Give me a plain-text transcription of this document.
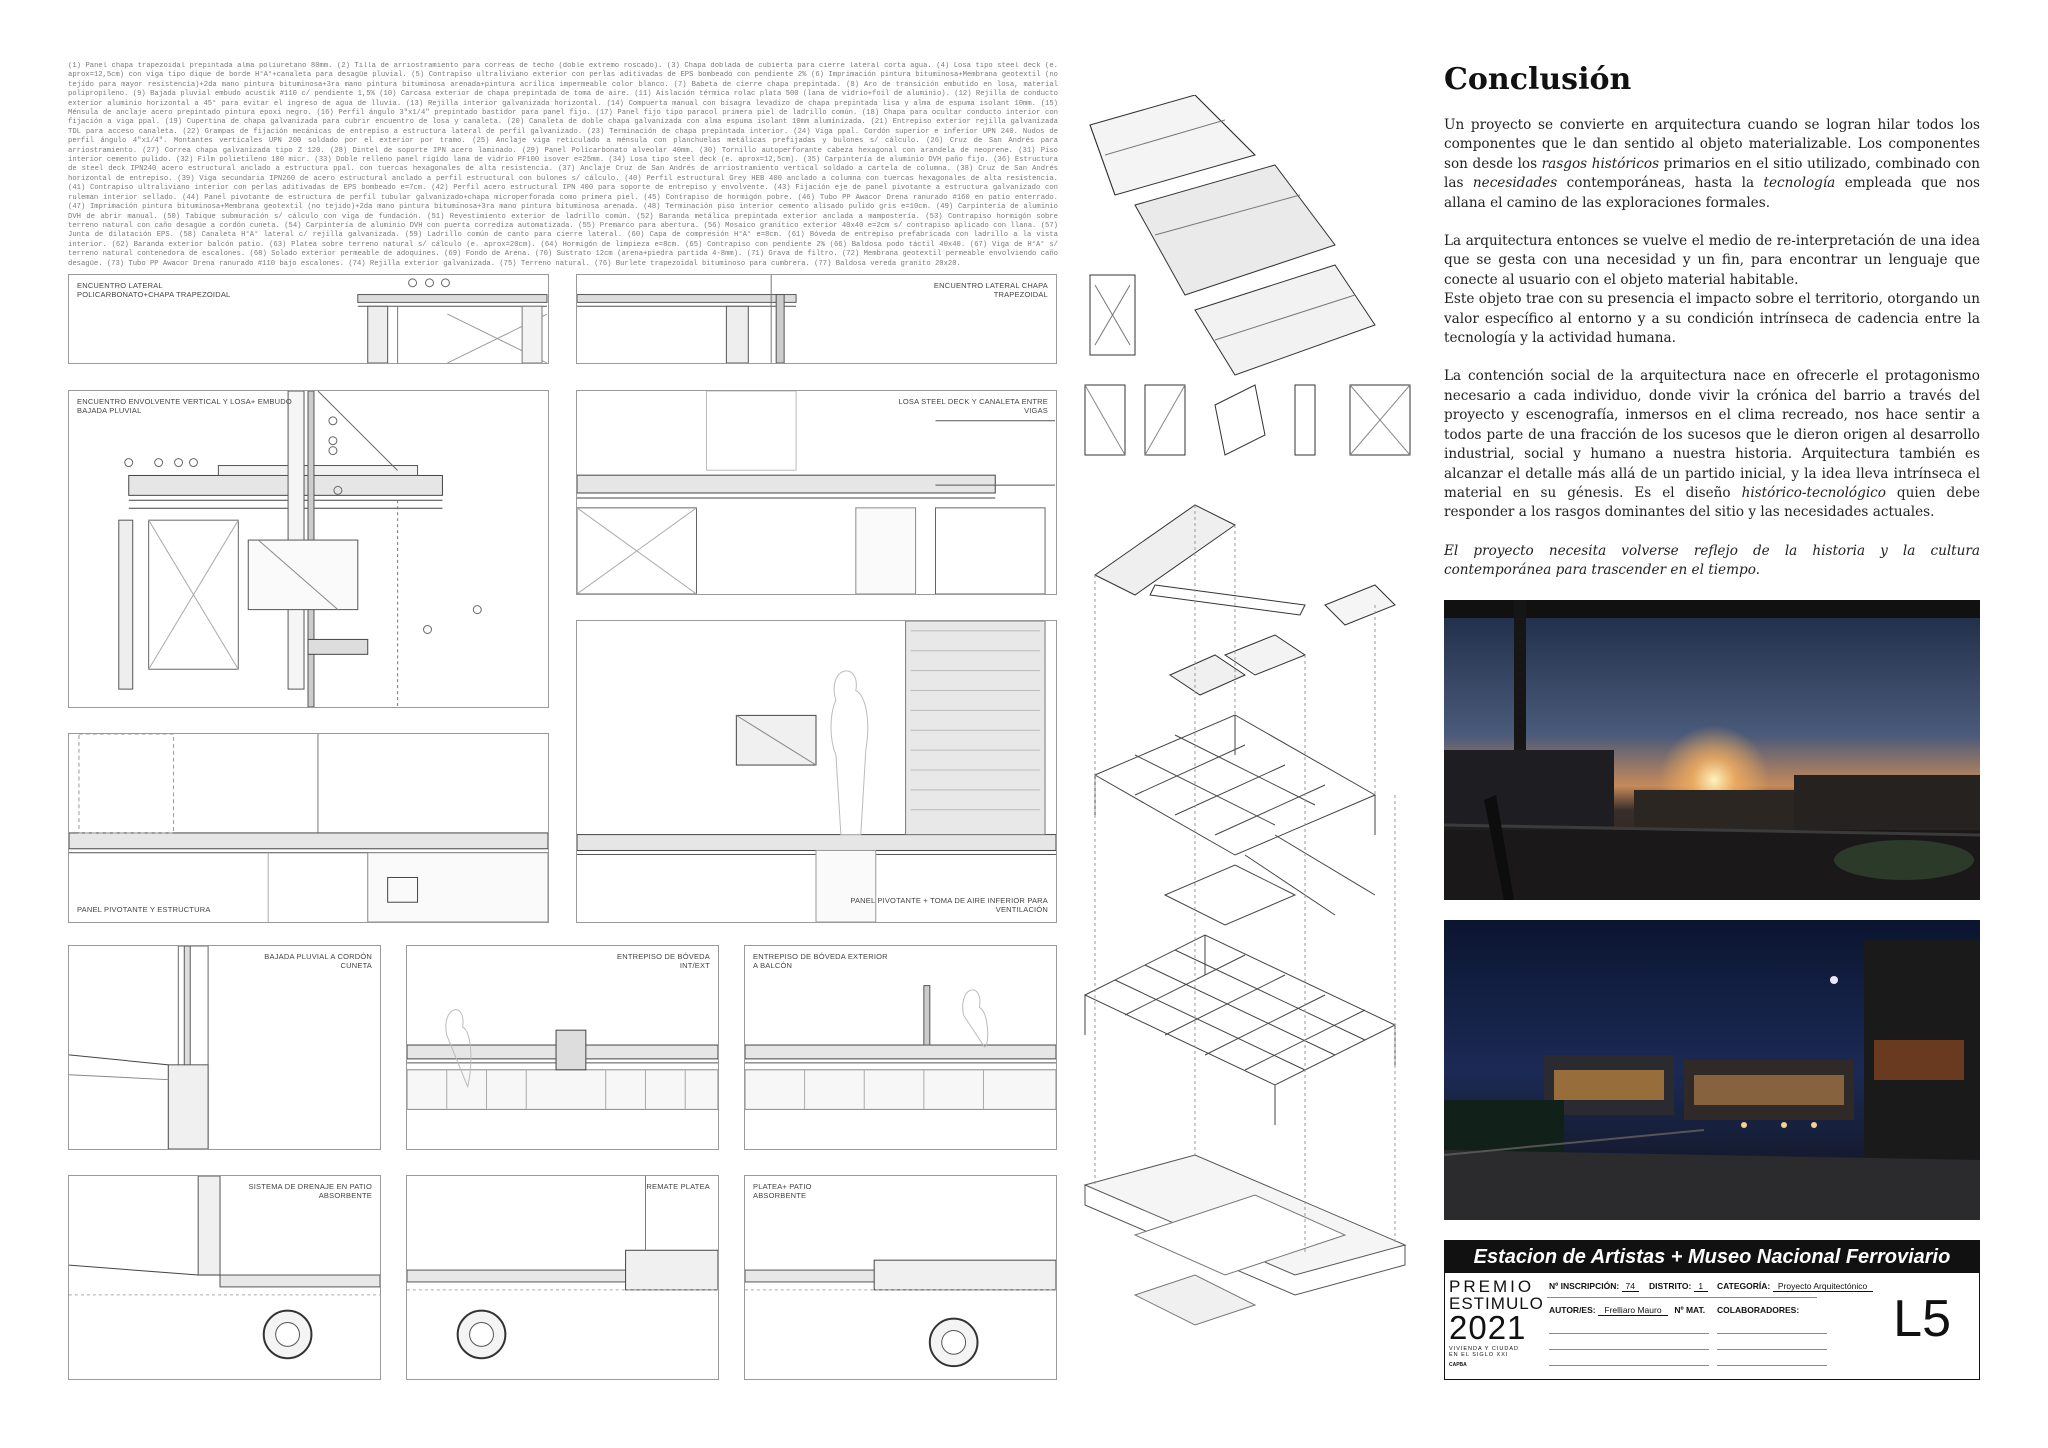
(1) Panel chapa trapezoidal prepintada alma poliuretano 80mm. (2) Tilla de arriostramiento para correas de techo (doble extremo roscado). (3) Chapa doblada de cubierta para cierre lateral corta agua. (4) Losa tipo steel deck (e. aprox=12,5cm) con viga tipo dique de borde H°A°+canaleta para desagüe pluvial. (5) Contrapiso ultraliviano exterior con perlas aditivadas de EPS bombeado con pendiente 2% (6) Imprimación pintura bituminosa+Membrana geotextil (no tejido para mayor resistencia)+2da mano pintura bituminosa+3ra mano pintura bituminosa arenada+pintura acrílica impermeable color blanco. (7) Babeta de cierre chapa prepintada. (8) Aro de transición embutido en losa, material polipropileno. (9) Bajada pluvial embudo acustik #110 c/ pendiente 1,5% (10) Carcasa exterior de chapa prepintada de toma de aire. (11) Aislación térmica rolac plata 500 (lana de vidrio+foil de aluminio). (12) Rejilla de conducto exterior aluminio horizontal a 45° para evitar el ingreso de agua de lluvia. (13) Rejilla interior galvanizada horizontal. (14) Compuerta manual con bisagra levadizo de chapa prepintada lisa y alma de espuma isolant 10mm. (15) Ménsula de anclaje acero prepintado pintura epoxi negro. (16) Perfil ángulo 3"x1/4" prepintado bastidor para panel fijo. (17) Panel fijo tipo paracol primera piel de ladrillo común. (18) Chapa para ocultar conducto interior con fijación a viga ppal. (19) Cupertina de chapa galvanizada para cubrir encuentro de losa y canaleta. (20) Canaleta de doble chapa galvanizada con alma espuma isolant 10mm aluminizada. (21) Entrepiso exterior rejilla galvanizada TDL para acceso canaleta. (22) Grampas de fijación mecánicas de entrepiso a estructura lateral de perfil galvanizado. (23) Terminación de chapa prepintada interior. (24) Viga ppal. Cordón superior e inferior UPN 240. Nudos de perfil ángulo 4"x1/4". Montantes verticales UPN 200 soldado por el exterior por tramo. (25) Anclaje viga reticulado a ménsula con planchuelas metálicas prefijadas y bulones s/ cálculo. (26) Cruz de San Andrés para arriostramiento. (27) Correa chapa galvanizada tipo Z 120. (28) Dintel de soporte IPN acero laminado. (29) Panel Policarbonato alveolar 40mm. (30) Tornillo autoperforante cabeza hexagonal con arandela de neoprene. (31) Piso interior cemento pulido. (32) Film polietileno 100 micr. (33) Doble relleno panel rígido lana de vidrio PF100 isover e=25mm. (34) Losa tipo steel deck (e. aprox=12,5cm). (35) Carpintería de aluminio DVH paño fijo. (36) Estructura de steel deck IPN240 acero estructural anclado a estructura ppal. con tuercas hexagonales de alta resistencia. (37) Anclaje Cruz de San Andrés de arriostramiento vertical soldado a cartela de columna. (38) Cruz de San Andrés horizontal de entrepiso. (39) Viga secundaria IPN260 de acero estructural anclado a perfil estructural con bulones s/ cálculo. (40) Perfil estructural Grey HEB 400 anclado a columna con tuercas hexagonales de alta resistencia. (41) Contrapiso ultraliviano interior con perlas aditivadas de EPS bombeado e=7cm. (42) Perfil acero estructural IPN 400 para soporte de entrepiso y envolvente. (43) Fijación eje de panel pivotante a estructura galvanizado con ruleman interior sellado. (44) Panel pivotante de estructura de perfil tubular galvanizado+chapa microperforada como primera piel. (45) Contrapiso de hormigón pobre. (46) Tubo PP Awacor Drena ranurado #160 en patio enterrado. (47) Imprimación pintura bituminosa+Membrana geotextil (no tejido)+2da mano pintura bituminosa+3ra mano pintura bituminosa arenada. (48) Terminación piso interior cemento alisado pulido gris e=10cm. (49) Carpintería de aluminio DVH de abrir manual. (50) Tabique submuración s/ cálculo con viga de fundación. (51) Revestimiento exterior de ladrillo común. (52) Baranda metálica prepintada exterior anclada a mampostería. (53) Contrapiso hormigón sobre terreno natural con caño desagüe a cordón cuneta. (54) Carpintería de aluminio DVH con puerta corrediza automatizada. (55) Premarco para abertura. (56) Mosaico granítico exterior 40x40 e=2cm s/ contrapiso aplicado con llana. (57) Junta de dilatación EPS. (58) Canaleta H°A° lateral c/ rejilla galvanizada. (59) Ladrillo común de canto para cierre lateral. (60) Capa de compresión H°A° e=8cm. (61) Bóveda de entrepiso prefabricada con ladrillo a la vista interior. (62) Baranda exterior balcón patio. (63) Platea sobre terreno natural s/ cálculo (e. aprox=20cm). (64) Hormigón de limpieza e=8cm. (65) Contrapiso con pendiente 2% (66) Baldosa podo táctil 40x40. (67) Viga de H°A° s/ terreno natural contenedora de escalones. (68) Solado exterior permeable de adoquines. (69) Fondo de Arena. (70) Sustrato 12cm (arena+piedra partida 4-8mm). (71) Grava de filtro. (72) Membrana geotextil permeable envolviendo caño desagüe. (73) Tubo PP Awacor Drena ranurado #110 bajo escalones. (74) Rejilla exterior galvanizada. (75) Terreno natural. (76) Burlete trapezoidal bituminoso para cumbrera. (77) Baldosa vereda granito 20x20.
ENCUENTRO LATERAL POLICARBONATO+CHAPA TRAPEZOIDAL
ENCUENTRO LATERAL CHAPA TRAPEZOIDAL
ENCUENTRO ENVOLVENTE VERTICAL Y LOSA+ EMBUDO BAJADA PLUVIAL
LOSA STEEL DECK Y CANALETA ENTRE VIGAS
PANEL PIVOTANTE Y ESTRUCTURA
PANEL PIVOTANTE + TOMA DE AIRE INFERIOR PARA VENTILACIÓN
BAJADA PLUVIAL A CORDÓN CUNETA
ENTREPISO DE BÓVEDA INT/EXT
ENTREPISO DE BÓVEDA EXTERIOR A BALCÓN
SISTEMA DE DRENAJE EN PATIO ABSORBENTE
REMATE PLATEA	PLATEA+ PATIO ABSORBENTE
Conclusión

Un proyecto se convierte en arquitectura cuando se logran hilar todos los componentes que le dan sentido al objeto materializable. Los componentes son desde los rasgos históricos primarios en el sitio utilizado, combinado con las necesidades contemporáneas, hasta la tecnología empleada que nos allana el camino de las exploraciones formales.

La arquitectura entonces se vuelve el medio de re-interpretación de una idea que se gesta con una necesidad y un fin, para encontrar un lenguaje que conecte al usuario con el objeto material habitable.

Este objeto trae con su presencia el impacto sobre el territorio, otorgando un valor específico al entorno y a su condición intrínseca de cadencia entre la tecnología y la actividad humana.

La contención social de la arquitectura nace en ofrecerle el protagonismo necesario a cada individuo, donde vivir la crónica del barrio a través del proyecto y escenografía, inmersos en el clima recreado, nos hace sentir a todos parte de una fracción de los sucesos que le dieron origen al desarrollo industrial, social y humano a nuestra historia. Arquitectura también es alcanzar el detalle más allá de un partido inicial, y la idea lleva intrínseca el material en su génesis. Es el diseño histórico-tecnológico quien debe responder a los rasgos dominantes del sitio y las necesidades actuales.

El proyecto necesita volverse reflejo de la historia y la cultura contemporánea para trascender en el tiempo.

Estacion de Artistas + Museo Nacional Ferroviario
PREMIO
ESTIMULO
2021
VIVIENDA Y CIUDAD
EN EL SIGLO XXI
CAPBA
Nº INSCRIPCIÓN: 74	DISTRITO: 1	CATEGORÍA: Proyecto Arquitectónico
AUTOR/ES: Frelliaro Mauro Nº MAT. COLABORADORES: L5
